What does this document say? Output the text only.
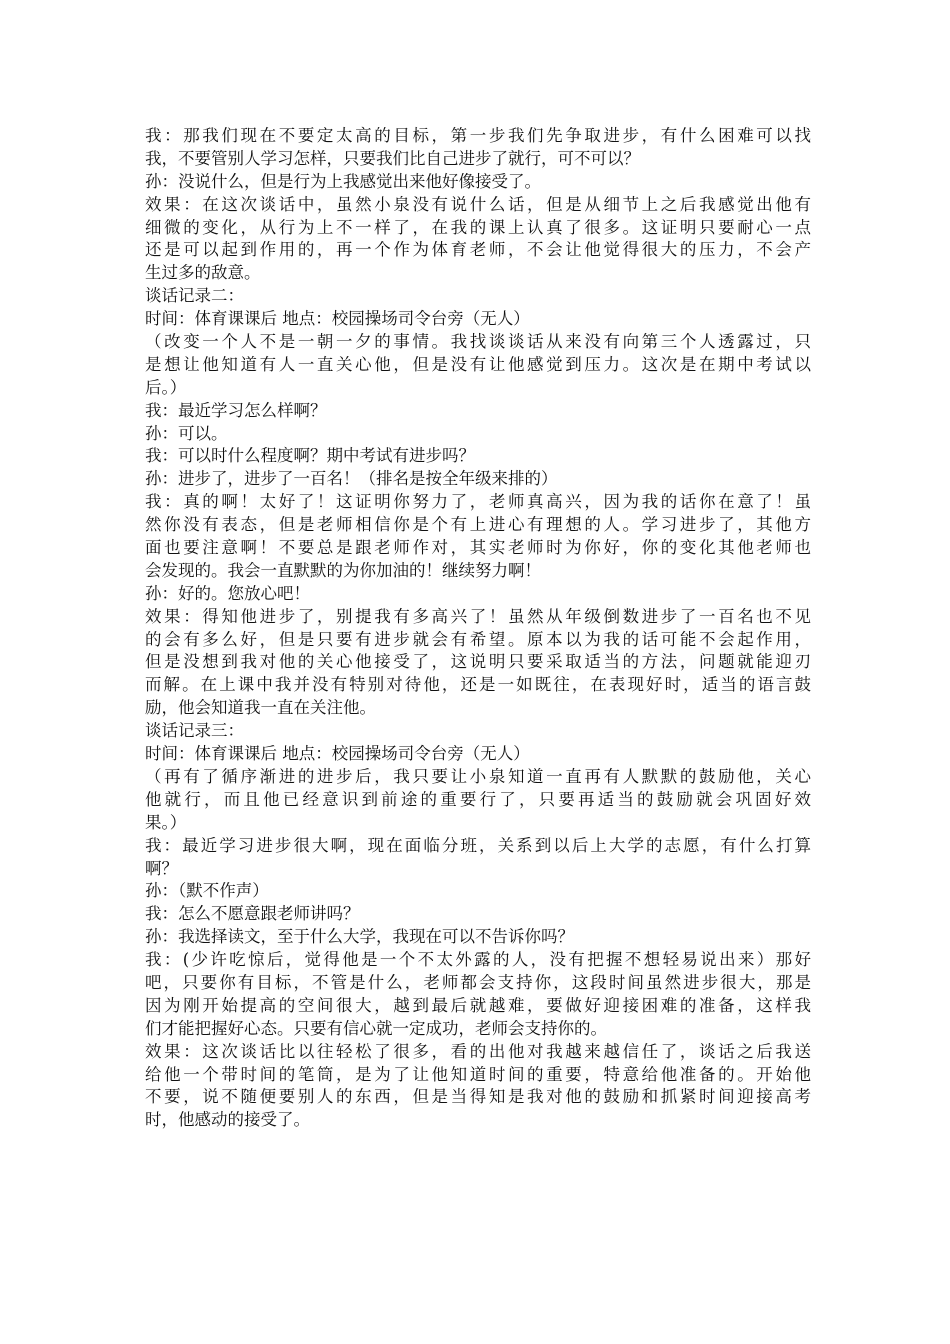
我：那我们现在不要定太高的目标，第一步我们先争取进步，有什么困难可以找
我，不要管别人学习怎样，只要我们比自己进步了就行，可不可以？
孙：没说什么，但是行为上我感觉出来他好像接受了。
效果：在这次谈话中，虽然小泉没有说什么话，但是从细节上之后我感觉出他有
细微的变化，从行为上不一样了，在我的课上认真了很多。这证明只要耐心一点
还是可以起到作用的，再一个作为体育老师，不会让他觉得很大的压力，不会产
生过多的敌意。
谈话记录二：
时间：体育课课后 地点：校园操场司令台旁（无人）
（改变一个人不是一朝一夕的事情。我找谈谈话从来没有向第三个人透露过，只
是想让他知道有人一直关心他，但是没有让他感觉到压力。这次是在期中考试以
后。）
我：最近学习怎么样啊？
孙：可以。
我：可以时什么程度啊？期中考试有进步吗？
孙：进步了，进步了一百名！（排名是按全年级来排的）
我：真的啊！太好了！这证明你努力了，老师真高兴，因为我的话你在意了！虽
然你没有表态，但是老师相信你是个有上进心有理想的人。学习进步了，其他方
面也要注意啊！不要总是跟老师作对，其实老师时为你好，你的变化其他老师也
会发现的。我会一直默默的为你加油的！继续努力啊！
孙：好的。您放心吧！
效果：得知他进步了，别提我有多高兴了！虽然从年级倒数进步了一百名也不见
的会有多么好，但是只要有进步就会有希望。原本以为我的话可能不会起作用，
但是没想到我对他的关心他接受了，这说明只要采取适当的方法，问题就能迎刃
而解。在上课中我并没有特别对待他，还是一如既往，在表现好时，适当的语言鼓
励，他会知道我一直在关注他。
谈话记录三：
时间：体育课课后 地点：校园操场司令台旁（无人）
（再有了循序渐进的进步后，我只要让小泉知道一直再有人默默的鼓励他，关心
他就行，而且他已经意识到前途的重要行了，只要再适当的鼓励就会巩固好效
果。）
我：最近学习进步很大啊，现在面临分班，关系到以后上大学的志愿，有什么打算
啊？
孙：（默不作声）
我：怎么不愿意跟老师讲吗？
孙：我选择读文，至于什么大学，我现在可以不告诉你吗？
我：(少许吃惊后，觉得他是一个不太外露的人，没有把握不想轻易说出来）那好
吧，只要你有目标，不管是什么，老师都会支持你，这段时间虽然进步很大，那是
因为刚开始提高的空间很大，越到最后就越难，要做好迎接困难的准备，这样我
们才能把握好心态。只要有信心就一定成功，老师会支持你的。
效果：这次谈话比以往轻松了很多，看的出他对我越来越信任了，谈话之后我送
给他一个带时间的笔筒，是为了让他知道时间的重要，特意给他准备的。开始他
不要，说不随便要别人的东西，但是当得知是我对他的鼓励和抓紧时间迎接高考
时，他感动的接受了。
